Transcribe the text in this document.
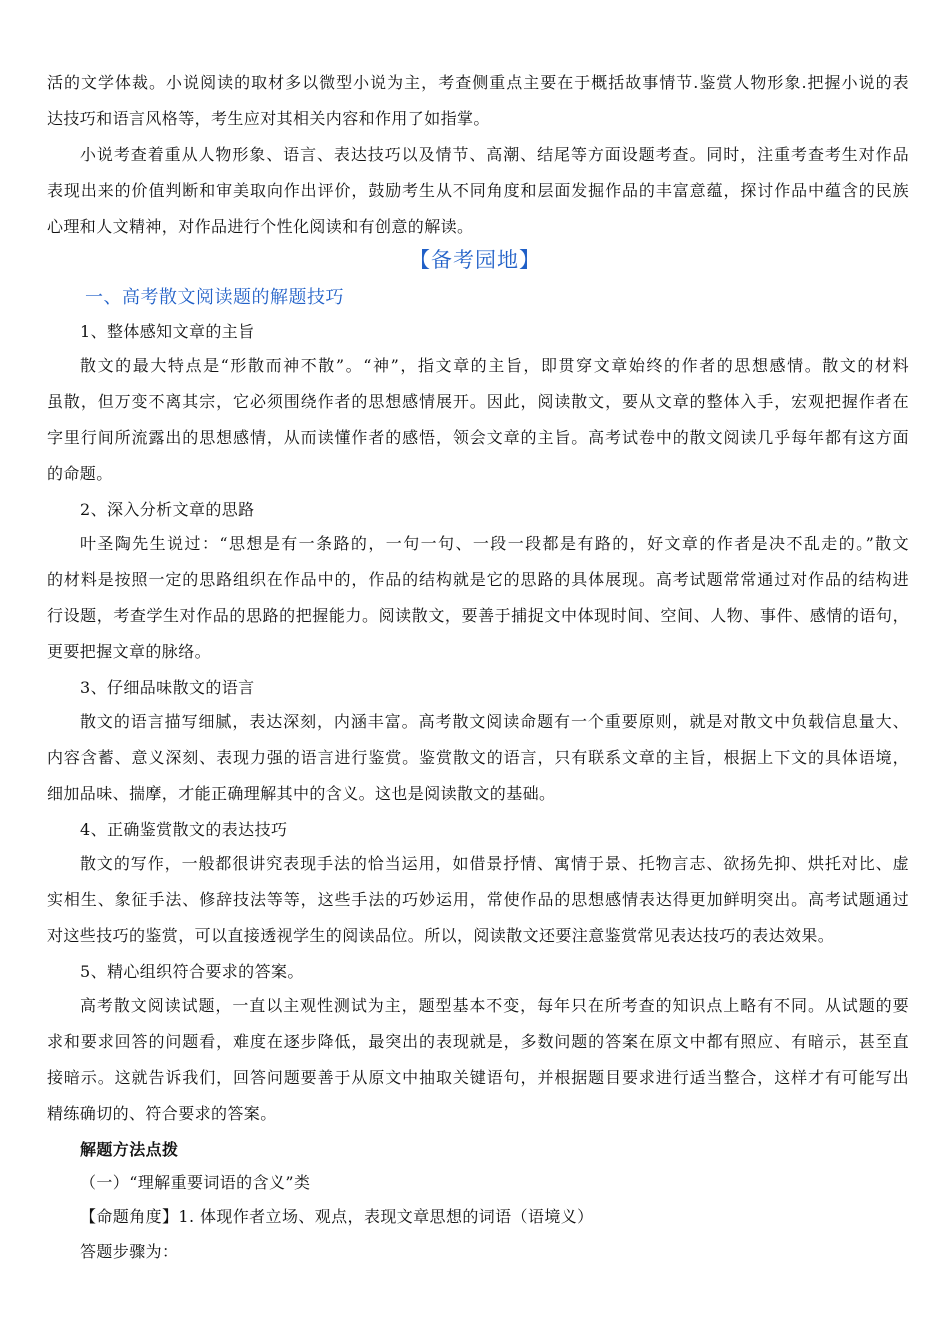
活的文学体裁。小说阅读的取材多以微型小说为主，考查侧重点主要在于概括故事情节.鉴赏人物形象.把握小说的表
达技巧和语言风格等，考生应对其相关内容和作用了如指掌。
小说考查着重从人物形象、语言、表达技巧以及情节、高潮、结尾等方面设题考查。同时，注重考查考生对作品
表现出来的价值判断和审美取向作出评价，鼓励考生从不同角度和层面发掘作品的丰富意蕴，探讨作品中蕴含的民族
心理和人文精神，对作品进行个性化阅读和有创意的解读。
【备考园地】
一、高考散文阅读题的解题技巧
1、整体感知文章的主旨
散文的最大特点是“形散而神不散”。“神”，指文章的主旨，即贯穿文章始终的作者的思想感情。散文的材料
虽散，但万变不离其宗，它必须围绕作者的思想感情展开。因此，阅读散文，要从文章的整体入手，宏观把握作者在
字里行间所流露出的思想感情，从而读懂作者的感悟，领会文章的主旨。高考试卷中的散文阅读几乎每年都有这方面
的命题。
2、深入分析文章的思路
叶圣陶先生说过：“思想是有一条路的，一句一句、一段一段都是有路的，好文章的作者是决不乱走的。”散文
的材料是按照一定的思路组织在作品中的，作品的结构就是它的思路的具体展现。高考试题常常通过对作品的结构进
行设题，考查学生对作品的思路的把握能力。阅读散文，要善于捕捉文中体现时间、空间、人物、事件、感情的语句，
更要把握文章的脉络。
3、仔细品味散文的语言
散文的语言描写细腻，表达深刻，内涵丰富。高考散文阅读命题有一个重要原则，就是对散文中负载信息量大、
内容含蓄、意义深刻、表现力强的语言进行鉴赏。鉴赏散文的语言，只有联系文章的主旨，根据上下文的具体语境，
细加品味、揣摩，才能正确理解其中的含义。这也是阅读散文的基础。
4、正确鉴赏散文的表达技巧
散文的写作，一般都很讲究表现手法的恰当运用，如借景抒情、寓情于景、托物言志、欲扬先抑、烘托对比、虚
实相生、象征手法、修辞技法等等，这些手法的巧妙运用，常使作品的思想感情表达得更加鲜明突出。高考试题通过
对这些技巧的鉴赏，可以直接透视学生的阅读品位。所以，阅读散文还要注意鉴赏常见表达技巧的表达效果。
5、精心组织符合要求的答案。
高考散文阅读试题，一直以主观性测试为主，题型基本不变，每年只在所考查的知识点上略有不同。从试题的要
求和要求回答的问题看，难度在逐步降低，最突出的表现就是，多数问题的答案在原文中都有照应、有暗示，甚至直
接暗示。这就告诉我们，回答问题要善于从原文中抽取关键语句，并根据题目要求进行适当整合，这样才有可能写出
精练确切的、符合要求的答案。
解题方法点拨
（一）“理解重要词语的含义”类
【命题角度】1. 体现作者立场、观点，表现文章思想的词语（语境义）
答题步骤为：
